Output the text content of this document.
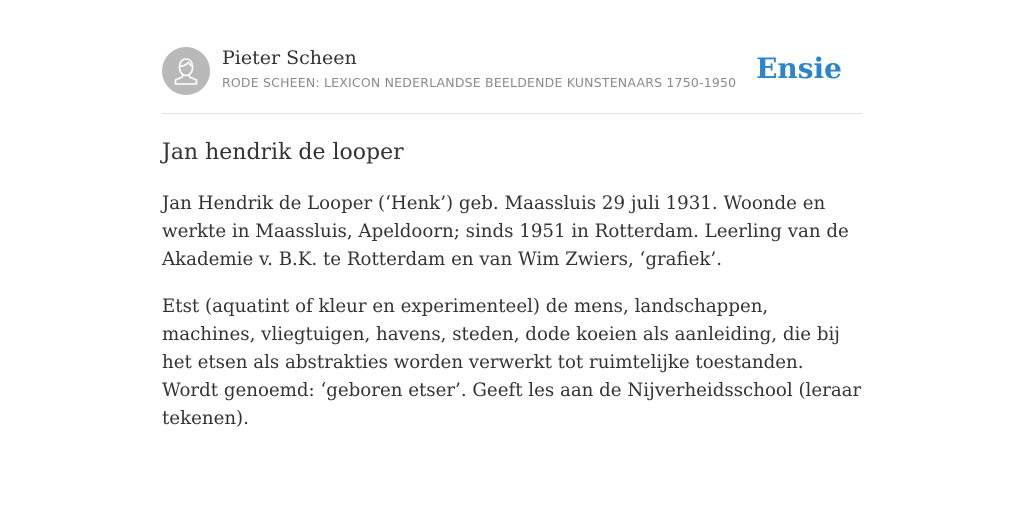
Pieter Scheen
RODE SCHEEN: LEXICON NEDERLANDSE BEELDENDE KUNSTENAARS 1750-1950 Ensie
Jan hendrik de looper

Jan Hendrik de Looper (‘Henk’) geb. Maassluis 29 juli 1931. Woonde en werkte in Maassluis, Apeldoorn; sinds 1951 in Rotterdam. Leerling van de Akademie v. B.K. te Rotterdam en van Wim Zwiers, ‘grafiek’.

Etst (aquatint of kleur en experimenteel) de mens, landschappen, machines, vliegtuigen, havens, steden, dode koeien als aanleiding, die bij het etsen als abstrakties worden verwerkt tot ruimtelijke toestanden. Wordt genoemd: ‘geboren etser’. Geeft les aan de Nijverheidsschool (leraar tekenen).
